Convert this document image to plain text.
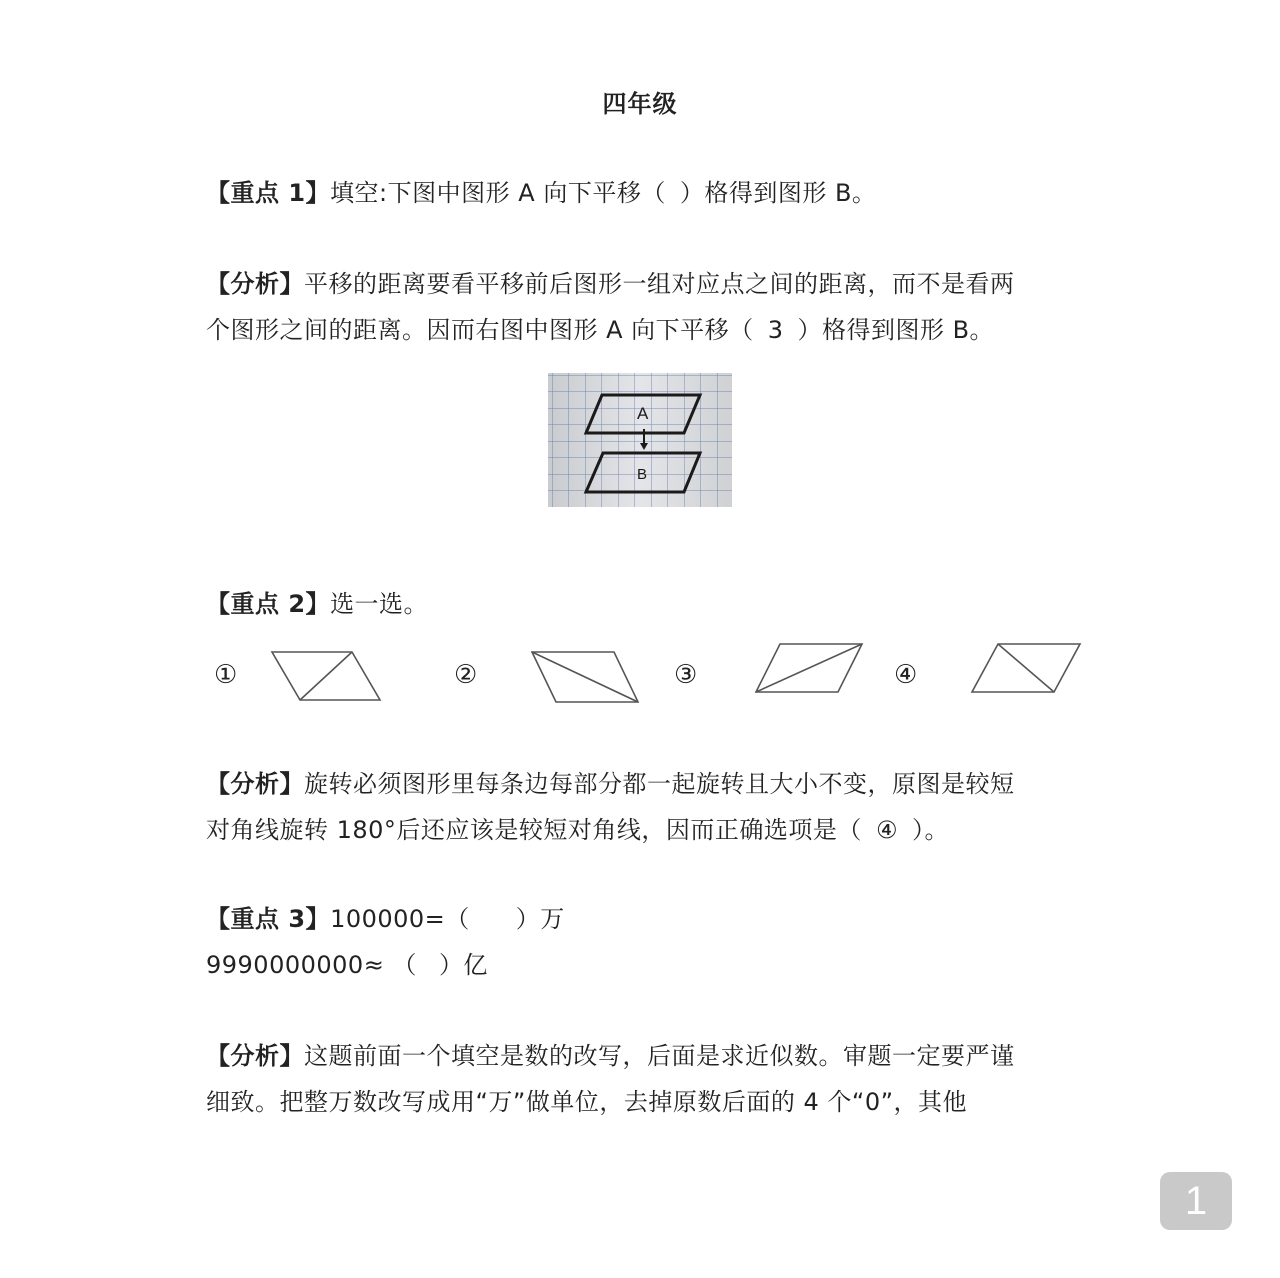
四年级
【重点 1】填空:下图中图形 A 向下平移（ ）格得到图形 B。
【分析】平移的距离要看平移前后图形一组对应点之间的距离，而不是看两
个图形之间的距离。因而右图中图形 A 向下平移（ 3 ）格得到图形 B。
A
B
【重点 2】选一选。
①	②	③	④
【分析】旋转必须图形里每条边每部分都一起旋转且大小不变，原图是较短
对角线旋转 180°后还应该是较短对角线，因而正确选项是（ ④ ）。
【重点 3】100000=（ ）万
9990000000≈ （ ）亿
【分析】这题前面一个填空是数的改写，后面是求近似数。审题一定要严谨
细致。把整万数改写成用“万”做单位，去掉原数后面的 4 个“0”，其他
1
